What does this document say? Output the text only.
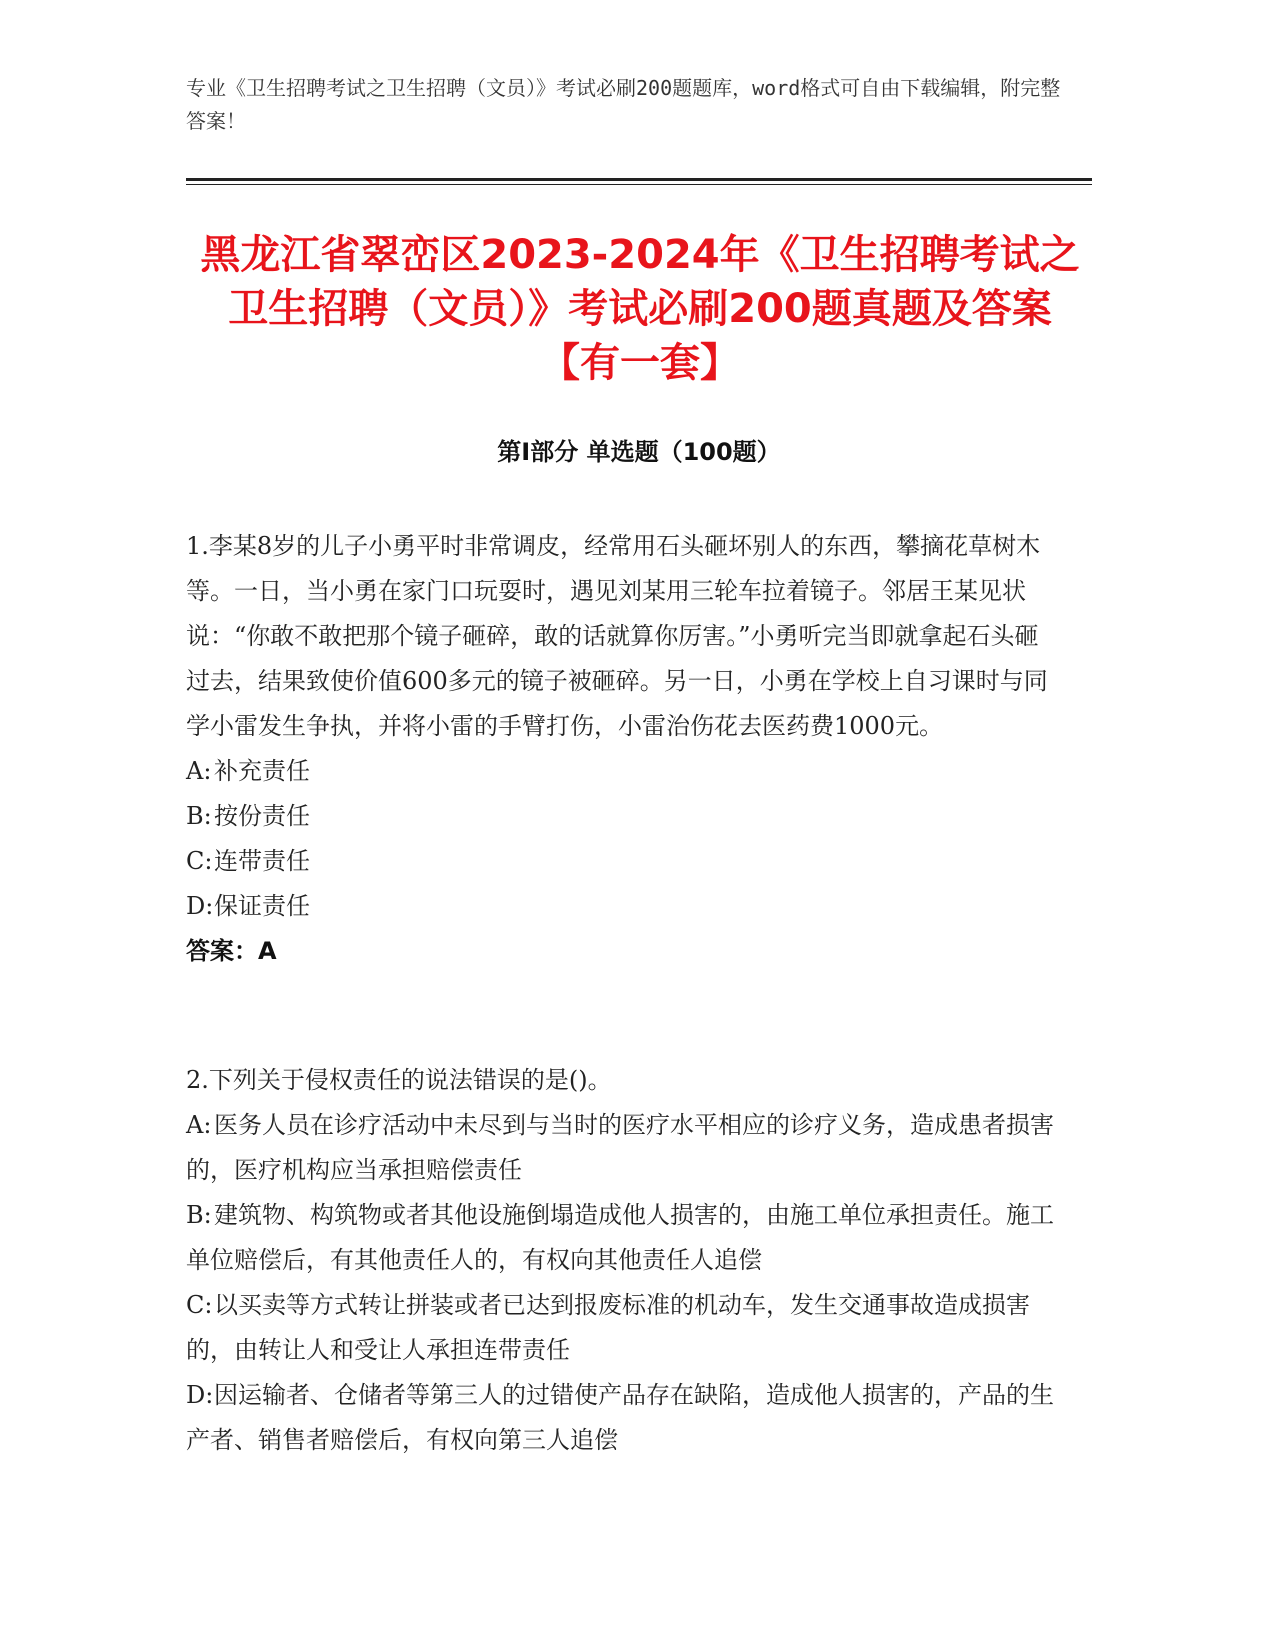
专业《卫生招聘考试之卫生招聘（文员）》考试必刷200题题库，word格式可自由下载编辑，附完整答案！
黑龙江省翠峦区2023-2024年《卫生招聘考试之卫生招聘（文员）》考试必刷200题真题及答案【有一套】
第Ⅰ部分 单选题（100题）

1.李某8岁的儿子小勇平时非常调皮，经常用石头砸坏别人的东西，攀摘花草树木等。一日，当小勇在家门口玩耍时，遇见刘某用三轮车拉着镜子。邻居王某见状说：“你敢不敢把那个镜子砸碎，敢的话就算你厉害。”小勇听完当即就拿起石头砸过去，结果致使价值600多元的镜子被砸碎。另一日，小勇在学校上自习课时与同学小雷发生争执，并将小雷的手臂打伤，小雷治伤花去医药费1000元。

A: 补充责任

B:按份责任

C:连带责任

D:保证责任

答案：A

2.下列关于侵权责任的说法错误的是()。

A: 医务人员在诊疗活动中未尽到与当时的医疗水平相应的诊疗义务，造成患者损害的，医疗机构应当承担赔偿责任

B:建筑物、构筑物或者其他设施倒塌造成他人损害的，由施工单位承担责任。施工单位赔偿后，有其他责任人的，有权向其他责任人追偿

C:以买卖等方式转让拼装或者已达到报废标准的机动车，发生交通事故造成损害的，由转让人和受让人承担连带责任

D:因运输者、仓储者等第三人的过错使产品存在缺陷，造成他人损害的，产品的生产者、销售者赔偿后，有权向第三人追偿
